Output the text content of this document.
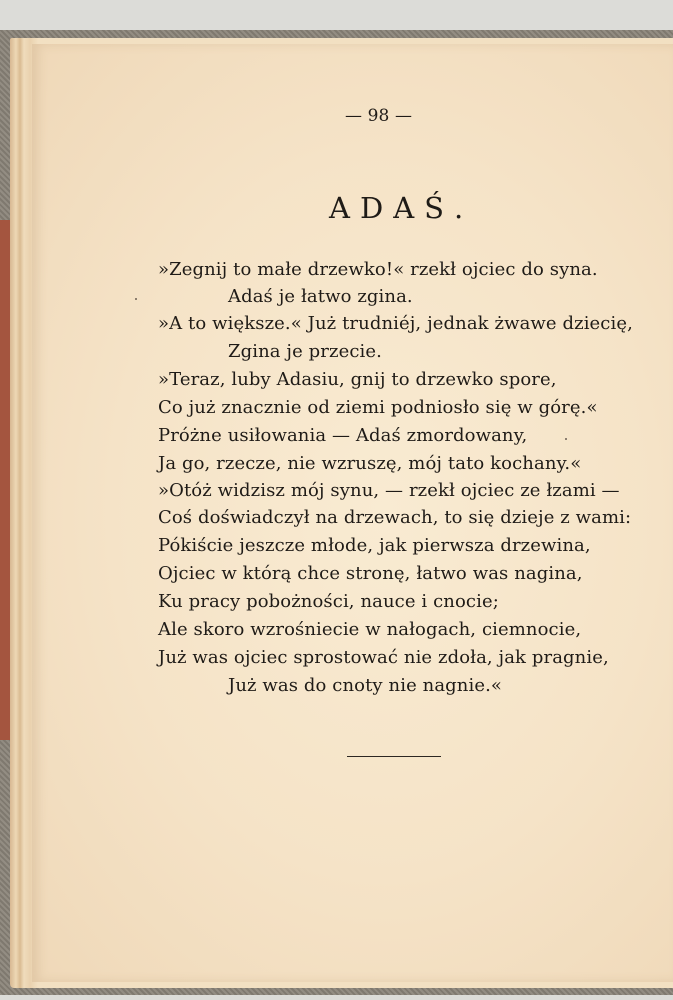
— 98 —
ADAŚ.
»Zegnij to małe drzewko!« rzekł ojciec do syna.
Adaś je łatwo zgina.
»A to większe.« Już trudniéj, jednak żwawe dziecię,
Zgina je przecie.
»Teraz, luby Adasiu, gnij to drzewko spore,
Co już znacznie od ziemi podniosło się w górę.«
Próżne usiłowania — Adaś zmordowany,
Ja go, rzecze, nie wzruszę, mój tato kochany.«
»Otóż widzisz mój synu, — rzekł ojciec ze łzami —
Coś doświadczył na drzewach, to się dzieje z wami:
Pókiście jeszcze młode, jak pierwsza drzewina,
Ojciec w którą chce stronę, łatwo was nagina,
Ku pracy pobożności, nauce i cnocie;
Ale skoro wzrośniecie w nałogach, ciemnocie,
Już was ojciec sprostować nie zdoła, jak pragnie,
Już was do cnoty nie nagnie.«
